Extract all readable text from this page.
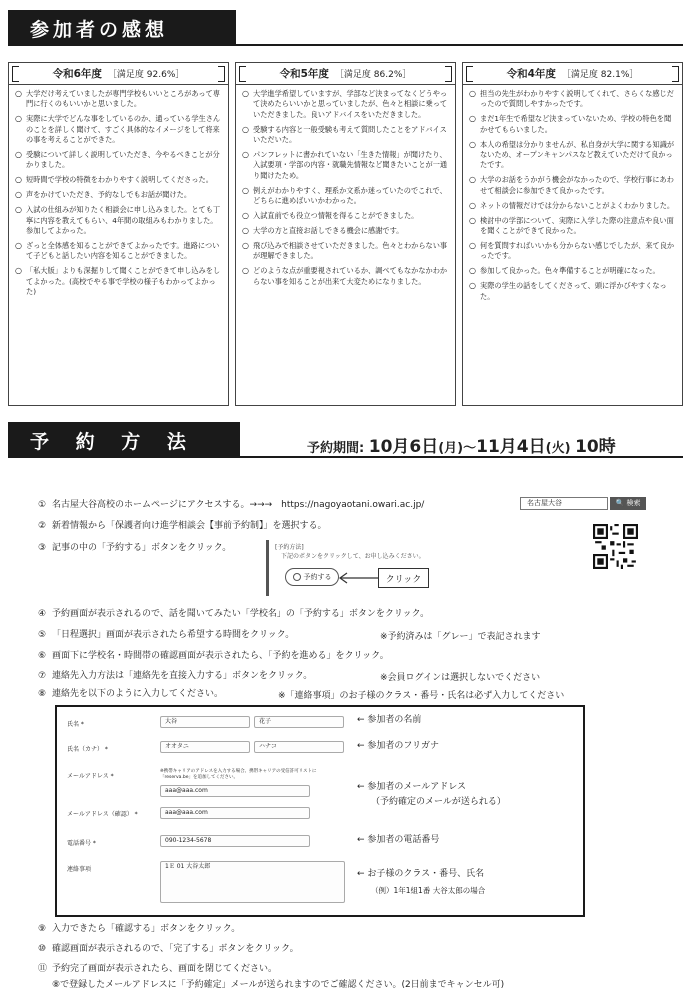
参加者の感想
令和6年度 ［満足度 92.6%］
○ 大学だけ考えていましたが専門学校もいいところがあって専門に行くのもいいかと思いました。
○ 実際に大学でどんな事をしているのか、通っている学生さんのことを詳しく聞けて、すごく具体的なイメージをして将来の事を考えることができた。
○ 受験について詳しく説明していただき、今やるべきことが分かりました。
○ 短時間で学校の特徴をわかりやすく説明してくださった。
○ 声をかけていただき、予約なしでもお話が聞けた。
○ 入試の仕組みが知りたく相談会に申し込みました。とても丁寧に内容を教えてもらい、4年間の取組みもわかりました。参加してよかった。
○ ざっと全体感を知ることができてよかったです。進路について子どもと話したい内容を知ることができました。
○ 「私大版」よりも深掘りして聞くことができて申し込みをしてよかった。(高校でやる事で学校の様子もわかってよかった)
令和5年度 ［満足度 86.2%］
○ 大学進学希望していますが、学部など決まってなくどうやって決めたらいいかと思っていましたが、色々と相談に乗っていただきました。良いアドバイスをいただきました。
○ 受験する内容と一般受験も考えて質問したことをアドバイスいただいた。
○ パンフレットに書かれていない「生きた情報」が聞けたり、入試要項・学部の内容・就職先情報など聞きたいことが一通り聞けたため。
○ 例えがわかりやすく、理系か文系か迷っていたのでこれで、どちらに進めばいいかわかった。
○ 入試直前でも役立つ情報を得ることができました。
○ 大学の方と直接お話しできる機会に感謝です。
○ 飛び込みで相談させていただきました。色々とわからない事が理解できました。
○ どのような点が重要視されているか、調べてもなかなかわからない事を知ることが出来て大変ためになりました。
令和4年度 ［満足度 82.1%］
○ 担当の先生がわかりやすく説明してくれて、さらくな感じだったので質問しやすかったです。
○ まだ1年生で希望など決まっていないため、学校の特色を聞かせてもらいました。
○ 本人の希望は分かりませんが、私自身が大学に関する知識がないため、オープンキャンパスなど教えていただけて良かったです。
○ 大学のお話をうかがう機会がなかったので、学校行事にあわせて相談会に参加できて良かったです。
○ ネットの情報だけでは分からないことがよくわかりました。
○ 検討中の学部について、実際に入学した際の注意点や良い面を聞くことができて良かった。
○ 何を質問すればいいかも分からない感じでしたが、来て良かったです。
○ 参加して良かった。色々準備することが明確になった。
○ 実際の学生の話をしてくださって、頭に浮かびやすくなった。
予 約 方 法	予約期間: 10月6日(月)～11月4日(火) 10時
① 名古屋大谷高校のホームページにアクセスする。→→→　https://nagoyaotani.owari.ac.jp/	名古屋大谷	🔍 検索
② 新着情報から「保護者向け進学相談会【事前予約制】」を選択する。
③ 記事の中の「予約する」ボタンをクリック。	[予約方法]
下記のボタンをクリックして、お申し込みください。
予約する	クリック
④ 予約画面が表示されるので、話を聞いてみたい「学校名」の「予約する」ボタンをクリック。
⑤ 「日程選択」画面が表示されたら希望する時間をクリック。	※予約済みは「グレー」で表記されます
⑥ 画面下に学校名・時間帯の確認画面が表示されたら、「予約を進める」をクリック。
⑦ 連絡先入力方法は「連絡先を直接入力する」ボタンをクリック。	※会員ログインは選択しないでください
⑧ 連絡先を以下のように入力してください。	※「連絡事項」のお子様のクラス・番号・氏名は必ず入力してください
氏名 *	大谷	花子
氏名（カナ） *	オオタニ	ハナコ
メールアドレス *
※携帯キャリアのアドレスを入力する場合、携帯キャリアの受信許可リストに「reserva.be」を追加してください。
aaa@aaa.com
メールアドレス（確認） *	aaa@aaa.com
電話番号 *	090-1234-5678
連絡事項	1Ｅ 01 大谷太郎
← 参加者の名前
← 参加者のフリガナ
← 参加者のメールアドレス
（予約確定のメールが送られる）
← 参加者の電話番号
← お子様のクラス・番号、氏名
（例）1年1組1番 大谷太郎の場合
⑨ 入力できたら「確認する」ボタンをクリック。
⑩ 確認画面が表示されるので、「完了する」ボタンをクリック。
⑪ 予約完了画面が表示されたら、画面を閉じてください。
⑧で登録したメールアドレスに「予約確定」メールが送られますのでご確認ください。(2日前までキャンセル可)
